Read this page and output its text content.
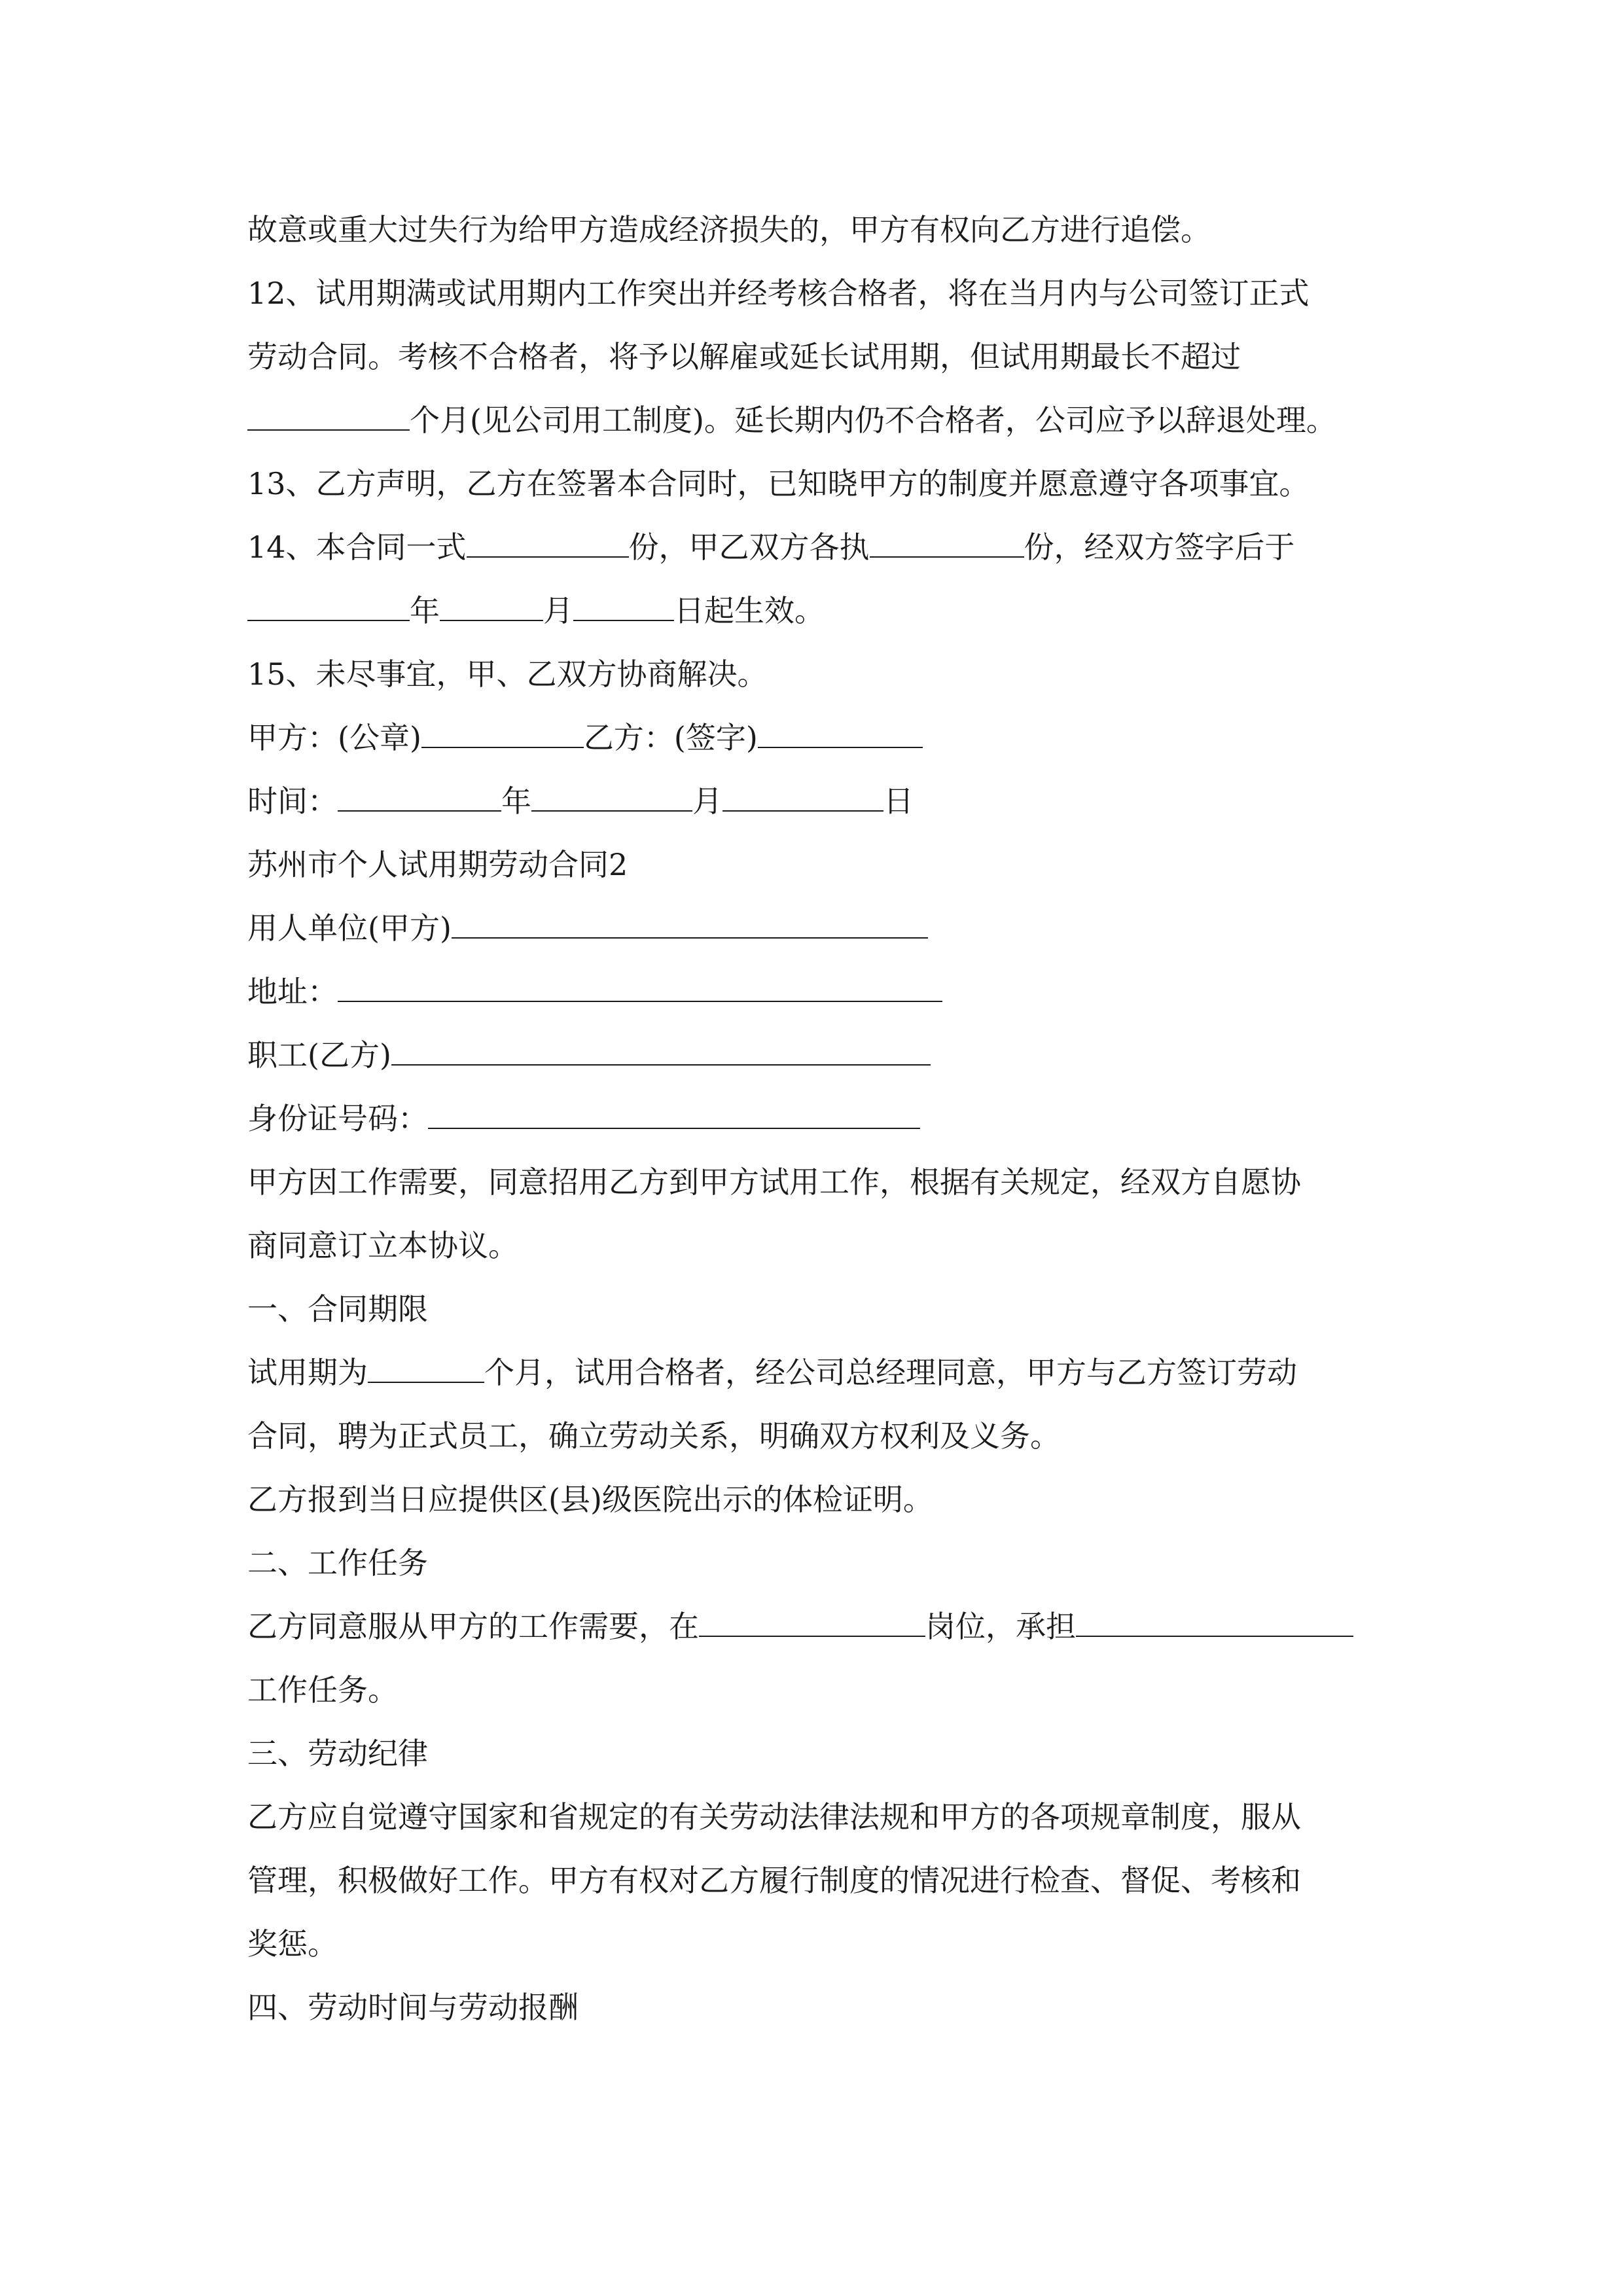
故意或重大过失行为给甲方造成经济损失的，甲方有权向乙方进行追偿。

12、试用期满或试用期内工作突出并经考核合格者，将在当月内与公司签订正式

劳动合同。考核不合格者，将予以解雇或延长试用期，但试用期最长不超过

个月(见公司用工制度)。延长期内仍不合格者，公司应予以辞退处理。

13、乙方声明，乙方在签署本合同时，已知晓甲方的制度并愿意遵守各项事宜。

14、本合同一式	份，甲乙双方各执	份，经双方签字后于

年	月	日起生效。

15、未尽事宜，甲、乙双方协商解决。

甲方：(公章)	乙方：(签字)

时间：	年	月	日

苏州市个人试用期劳动合同2

用人单位(甲方)

地址：

职工(乙方)

身份证号码：

甲方因工作需要，同意招用乙方到甲方试用工作，根据有关规定，经双方自愿协

商同意订立本协议。

一、合同期限

试用期为	个月，试用合格者，经公司总经理同意，甲方与乙方签订劳动

合同，聘为正式员工，确立劳动关系，明确双方权利及义务。

乙方报到当日应提供区(县)级医院出示的体检证明。

二、工作任务

乙方同意服从甲方的工作需要，在	岗位，承担

工作任务。

三、劳动纪律

乙方应自觉遵守国家和省规定的有关劳动法律法规和甲方的各项规章制度，服从

管理，积极做好工作。甲方有权对乙方履行制度的情况进行检查、督促、考核和

奖惩。

四、劳动时间与劳动报酬
